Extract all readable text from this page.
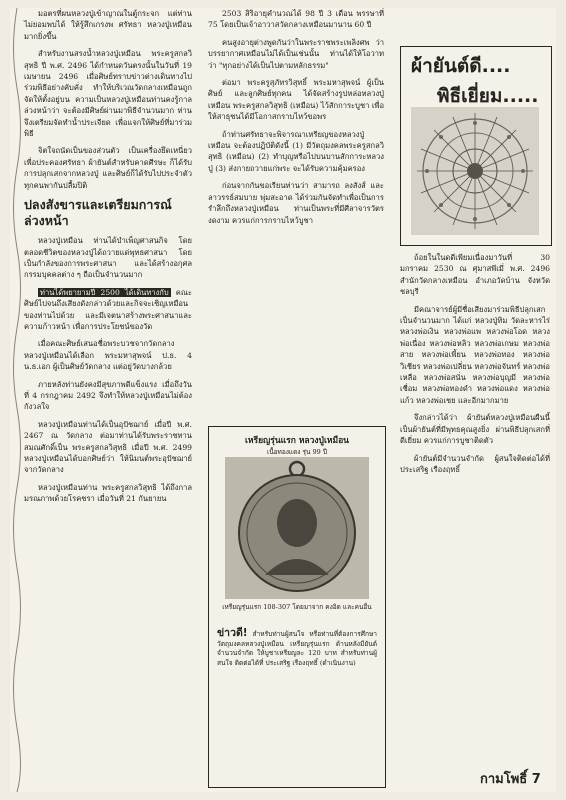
มอตรที่ผนหลวงปู่เข้าญาณในตู้กระจก แต่ท่านไม่ยอมพบได้ ให้รู้สึกเกรงพ ศรัทธา หลวงปู่เหมือน มากยิ่งขึ้น

สำหรับงานสรงน้ำหลวงปู่เหมือน พระครูสกลวิสุทธิ ปี พ.ศ. 2496 ได้กำหนดวันตรงนั้นในวันที่ 19 เมษายน 2496 เมื่อศิษย์ทราบข่าวต่างเดินทางไปร่วมพิธีอย่างคับคั่ง ทำให้บริเวณวัดกลางเหมือนถูกจัดให้ตั้งอยู่บน ความเป็นหลวงปู่เหมือนท่านคงรู้กาลล่วงหน้าว่า จะต้องมีศิษย์ผ่านมาพิธีจำนวนมาก ท่านจึงเตรียมจัดทำน้ำประเจียด เพื่อแจกให้ศิษย์ที่มาร่วมพิธี

จิตใจถนัดเป็นของส่วนตัว เป็นเครื่องยึดเหนี่ยวเพื่อประคองศรัทธา ผ้ายันต์สำหรับคาดศีรษะ ก็ได้รับการปลุกเสกจากหลวงปู่ และศิษย์ก็ได้รับไปประจำตัว ทุกคนพากันปลื้มปิติ

ปลงสังขารและเตรียมการณ์ล่วงหน้า

หลวงปู่เหมือน ท่านได้บำเพ็ญศาสนกิจ โดยตลอดชีวิตของหลวงปู่ได้ถวายแด่พุทธศาสนา โดยเป็นกำลังของการพระศาสนา และได้สร้างอกุศลกรรมบุคคลต่าง ๆ ถือเป็นจำนวนมาก

ท่านได้พยายามปี 2500 ได้เดินทางกับ คณะศิษย์ไปจนถึงเสียงดังกล่าวด้วยและกิจจะเชิญเหมือนของท่านไปด้วย และมีเจตนาสร้างพระศาสนาและความก้าวหน้า เพื่อการประโยชน์ของวัด

เมื่อคณะศิษย์เสนอชื่อพระบวชจากวัดกลางหลวงปู่เหมือนได้เลือก พระมหาสุพจน์ ป.ธ. 4 น.ธ.เอก ผู้เป็นศิษย์วัดกลาง แต่อยู่วัดบางกล้วย

ภายหลังท่านยังคงมีสุขภาพดีแข็งแรง เมื่อถึงวันที่ 4 กรกฎาคม 2492 จึงทำให้หลวงปู่เหมือนไม่ต้องกังวลใจ

หลวงปู่เหมือนท่านได้เป็นอุปัชฌาย์ เมื่อปี พ.ศ. 2467 ณ วัดกลาง ต่อมาท่านได้รับพระราชทานสมณศักดิ์เป็น พระครูสกลวิสุทธิ เมื่อปี พ.ศ. 2499 หลวงปู่เหมือนได้บอกศิษย์ว่า ให้นิมนต์พระอุปัชฌาย์ จากวัดกลาง

หลวงปู่เหมือนท่าน พระครูสกลวิสุทธิ ได้ถึงกาลมรณภาพด้วยโรคชรา เมื่อวันที่ 21 กันยายน

2503 สิริอายุคำนวณได้ 98 ปี 3 เดือน พรรษาที่ 75 โดยเป็นเจ้าอาวาสวัดกลางเหมือนมานาน 60 ปี

คนสูงอายุต่างพูดกันว่าในพระราชพระเพลิงศพ ว่า บรรยากาศเหมือนไม่ได้เป็นเช่นนั้น ท่านได้ให้โอวาทว่า "ทุกอย่างได้เป็นไปตามหลักธรรม"

ต่อมา พระครูสุภัทรวิสุทธิ์ พระมหาสุพจน์ ผู้เป็นศิษย์ และลูกศิษย์ทุกคน ได้จัดสร้างรูปหล่อหลวงปู่เหมือน พระครูสกลวิสุทธิ (เหมือน) ไว้สักการะบูชา เพื่อให้สาธุชนได้มีโอกาสกราบไหว้ขอพร

ถ้าท่านศรัทธาจะพิจารณาเหรียญของหลวงปู่เหมือน จะต้องปฏิบัติดังนี้ (1) มีวัตถุมงคลพระครูสกลวิสุทธิ (เหมือน) (2) ทำบุญหรือไปบนบานสักการะหลวงปู่ (3) ส่งกายถวายแก่พระ จะได้รับความคุ้มครอง

ก่อนจากกันขอเรียนท่านว่า สามารถ ลงสังส์ และ ลาวรรธ์สมบาย พุ่มสะอาด ได้ร่วมกันจัดทำเพื่อเป็นการรำลึกถึงหลวงปู่เหมือน ท่านเป็นพระที่มีศีลาจารวัตรงดงาม ควรแก่การกราบไหว้บูชา

ผ้ายันต์ดี....
พิธีเยี่ยม.....

ถ้อยในในดดีเพียมเนื่องมาวันที่ 30 มกราคม 2530 ณ ศุมาสพีเมี่ พ.ศ. 2496 สำนักวัดกลางเหมือน อำเภอวัดบ้าน จังหวัดชลบุรี

มีคณาจารย์ผู้มีชื่อเสียงมาร่วมพิธีปลุกเสกเป็นจำนวนมาก ได้แก่ หลวงปู่ทิม วัดละหารไร่ หลวงพ่อเงิน หลวงพ่อแพ หลวงพ่อโอด หลวงพ่อเนื่อง หลวงพ่อหลิว หลวงพ่อเกษม หลวงพ่อสาย หลวงพ่อเพี้ยน หลวงพ่อทอง หลวงพ่อวิเชียร หลวงพ่อเปลี่ยน หลวงพ่อจันทร์ หลวงพ่อเหลือ หลวงพ่อสนั่น หลวงพ่อบุญมี หลวงพ่อเชื่อม หลวงพ่อทองดำ หลวงพ่อแดง หลวงพ่อแก้ว หลวงพ่อเชย และอีกมากมาย

จึงกล่าวได้ว่า ผ้ายันต์หลวงปู่เหมือนผืนนี้ เป็นผ้ายันต์ที่มีพุทธคุณสูงยิ่ง ผ่านพิธีปลุกเสกที่ดีเยี่ยม ควรแก่การบูชาติดตัว

ผ้ายันต์มีจำนวนจำกัด ผู้สนใจติดต่อได้ที่ ประเสริฐ เรืองฤทธิ์

เหรียญรุ่นแรก หลวงปู่เหมือน
เนื้อทองแดง รุ่น 99 ปี
เหรียญรุ่นแรก 108-307 โดยมาจาก คงอิด และคนอื่น
ข่าวดี! สำหรับท่านผู้สนใจ หรือท่านที่ต้องการศึกษาวัตถุมงคลหลวงปู่เหมือน เหรียญรุ่นแรก ด้านหลังมียันต์ จำนวนจำกัด ให้บูชาเหรียญละ 120 บาท สำหรับท่านผู้สนใจ ติดต่อได้ที่ ประเสริฐ เรืองฤทธิ์ (ดำเนินงาน)
กามโพธิ์ 7
